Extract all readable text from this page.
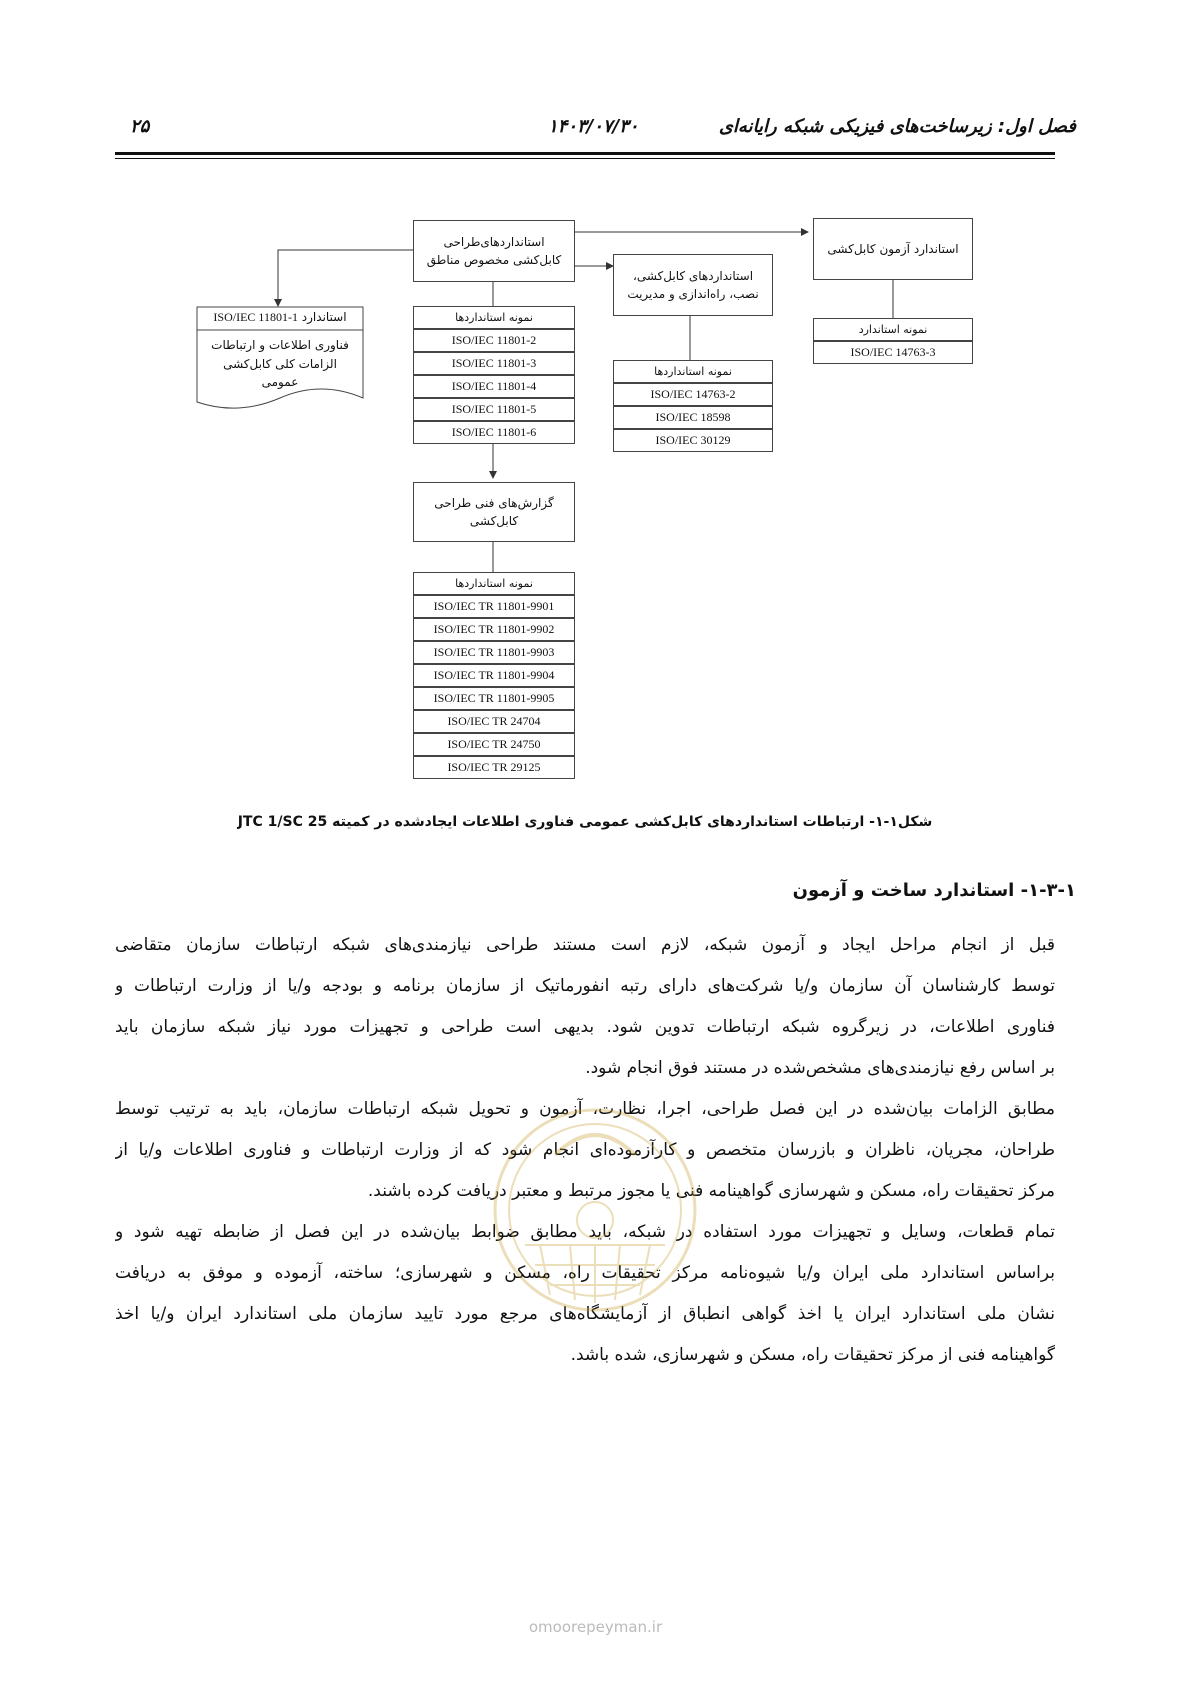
فصل اول: زیرساخت‌های فیزیکی شبکه رایانه‌ای
۱۴۰۳/۰۷/۳۰
۲۵
استانداردهای‌طراحی کابل‌کشی مخصوص مناطق
استانداردهای کابل‌کشی، نصب، راه‌اندازی و مدیریت
استاندارد آزمون کابل‌کشی
گزارش‌های فنی طراحی کابل‌کشی
استاندارد ISO/IEC 11801-1
فناوری اطلاعات و ارتباطات الزامات کلی کابل‌کشی عمومی
نمونه استانداردها
ISO/IEC 11801-2
ISO/IEC 11801-3
ISO/IEC 11801-4
ISO/IEC 11801-5
ISO/IEC 11801-6
نمونه استانداردها
ISO/IEC 14763-2
ISO/IEC 18598
ISO/IEC 30129
نمونه استاندارد
ISO/IEC 14763-3
نمونه استانداردها
ISO/IEC TR 11801-9901
ISO/IEC TR 11801-9902
ISO/IEC TR 11801-9903
ISO/IEC TR 11801-9904
ISO/IEC TR 11801-9905
ISO/IEC TR 24704
ISO/IEC TR 24750
ISO/IEC TR 29125
شکل۱-۱- ارتباطات استانداردهای کابل‌کشی عمومی فناوری اطلاعات ایجادشده در کمیته JTC 1/SC 25
۱-۳-۱- استاندارد ساخت و آزمون
قبل از انجام مراحل ایجاد و آزمون شبکه، لازم است مستند طراحی نیازمندی‌های شبکه ارتباطات سازمان متقاضی
توسط کارشناسان آن سازمان و/یا شرکت‌های دارای رتبه انفورماتیک از سازمان برنامه و بودجه و/یا از وزارت ارتباطات و
فناوری اطلاعات، در زیرگروه شبکه ارتباطات تدوین شود. بدیهی است طراحی و تجهیزات مورد نیاز شبکه سازمان باید
بر اساس رفع نیازمندی‌های مشخص‌شده در مستند فوق انجام شود.
مطابق الزامات بیان‌شده در این فصل طراحی، اجرا، نظارت، آزمون و تحویل شبکه ارتباطات سازمان، باید به ترتیب توسط
طراحان، مجریان، ناظران و بازرسان متخصص و کارآزموده‌ای انجام شود که از وزارت ارتباطات و فناوری اطلاعات و/یا از
مرکز تحقیقات راه، مسکن و شهرسازی گواهینامه فنی یا مجوز مرتبط و معتبر دریافت کرده باشند.
تمام قطعات، وسایل و تجهیزات مورد استفاده در شبکه، باید مطابق ضوابط بیان‌شده در این فصل از ضابطه تهیه شود و
براساس استاندارد ملی ایران و/یا شیوه‌نامه مرکز تحقیقات راه، مسکن و شهرسازی؛ ساخته، آزموده و موفق به دریافت
نشان ملی استاندارد ایران یا اخذ گواهی انطباق از آزمایشگاه‌های مرجع مورد تایید سازمان ملی استاندارد ایران و/یا اخذ
گواهینامه فنی از مرکز تحقیقات راه، مسکن و شهرسازی، شده باشد.
omoorepeyman.ir
